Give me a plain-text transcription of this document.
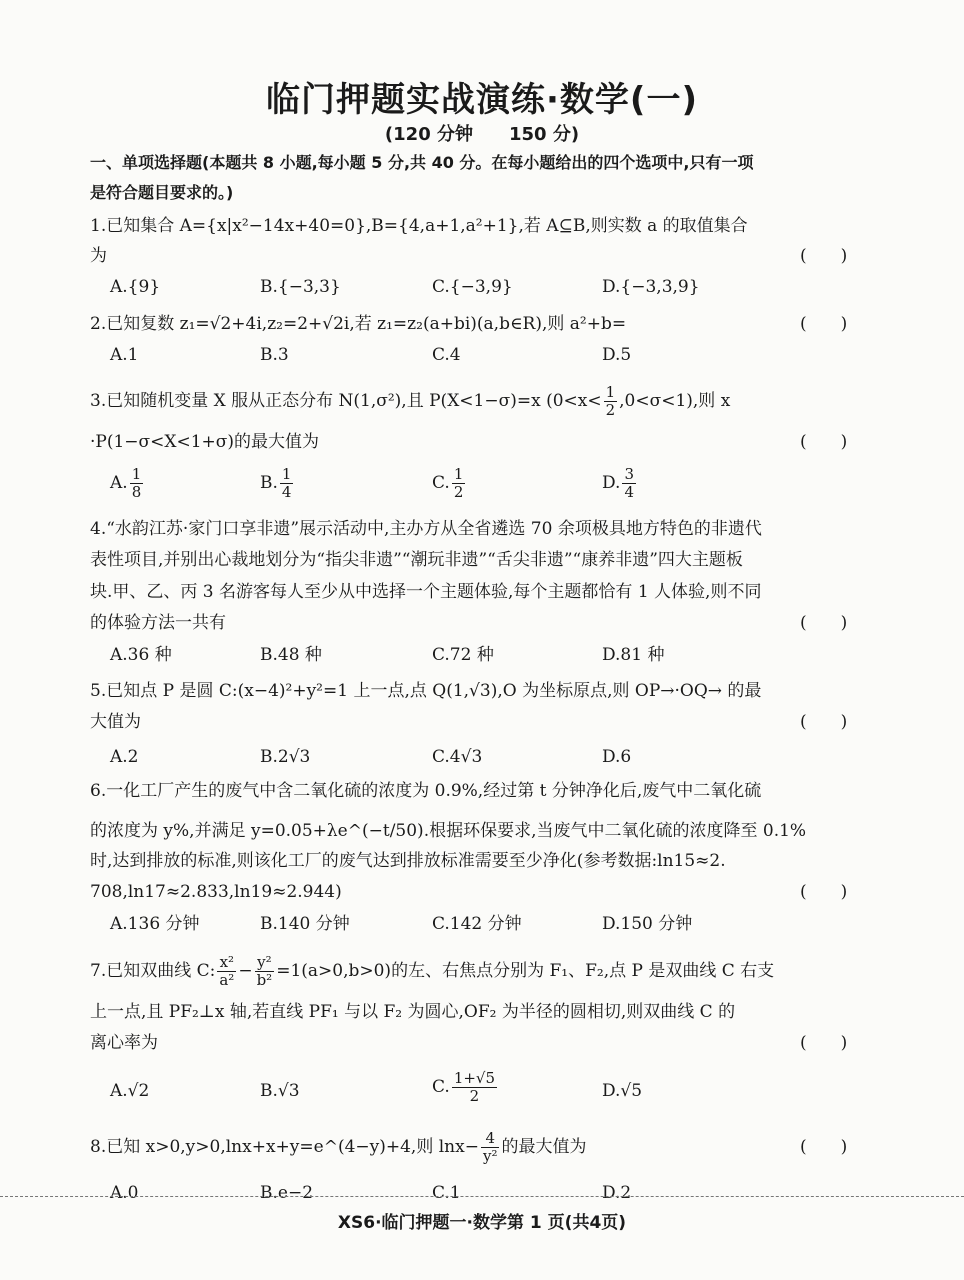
临门押题实战演练·数学(一)
(120 分钟　　150 分)
一、单项选择题(本题共 8 小题,每小题 5 分,共 40 分。在每小题给出的四个选项中,只有一项
是符合题目要求的。)
1.已知集合 A={x|x²−14x+40=0},B={4,a+1,a²+1},若 A⊆B,则实数 a 的取值集合
为	(　　)
A.{9}	B.{−3,3}	C.{−3,9}	D.{−3,3,9}
2.已知复数 z₁=√2+4i,z₂=2+√2i,若 z₁=z₂(a+bi)(a,b∈R),则 a²+b=	(　　)
A.1	B.3	C.4	D.5
3.已知随机变量 X 服从正态分布 N(1,σ²),且 P(X<1−σ)=x $(0<x< \frac{1}{2} ,0<\sigma<1)$,则 x
·P(1−σ<X<1+σ)的最大值为	(　　)
A. $\frac{1}{8}$	B. $\frac{1}{4}$	C. $\frac{1}{2}$	D. $\frac{3}{4}$
4.“水韵江苏·家门口享非遗”展示活动中,主办方从全省遴选 70 余项极具地方特色的非遗代
表性项目,并别出心裁地划分为“指尖非遗”“潮玩非遗”“舌尖非遗”“康养非遗”四大主题板
块.甲、乙、丙 3 名游客每人至少从中选择一个主题体验,每个主题都恰有 1 人体验,则不同
的体验方法一共有	(　　)
A.36 种	B.48 种	C.72 种	D.81 种
5.已知点 P 是圆 C:(x−4)²+y²=1 上一点,点 Q(1,√3),O 为坐标原点,则 OP→·OQ→ 的最
大值为	(　　)
A.2	B.2√3	C.4√3	D.6
6.一化工厂产生的废气中含二氧化硫的浓度为 0.9%,经过第 t 分钟净化后,废气中二氧化硫
的浓度为 y%,并满足 y=0.05+λe^(−t/50).根据环保要求,当废气中二氧化硫的浓度降至 0.1%
时,达到排放的标准,则该化工厂的废气达到排放标准需要至少净化(参考数据:ln15≈2.
708,ln17≈2.833,ln19≈2.944)	(　　)
A.136 分钟	B.140 分钟	C.142 分钟	D.150 分钟
7.已知双曲线 C: $\frac{\text{x²}}{\text{a²}} - \frac{\text{y²}}{\text{b²}} =1(a>0,b>0)$的左、右焦点分别为 F₁、F₂,点 P 是双曲线 C 右支
上一点,且 PF₂⊥x 轴,若直线 PF₁ 与以 F₂ 为圆心,OF₂ 为半径的圆相切,则双曲线 C 的
离心率为	(　　)
A.√2	B.√3	C. $\frac{1+√5}{2}$	D.√5
8.已知 x>0,y>0,lnx+x+y=e^(4−y)+4,则 $\ln x- \frac{4}{\text{y²}}$ 的最大值为	(　　)
A.0	B.e−2	C.1	D.2
XS6·临门押题一·数学第 1 页(共4页)
